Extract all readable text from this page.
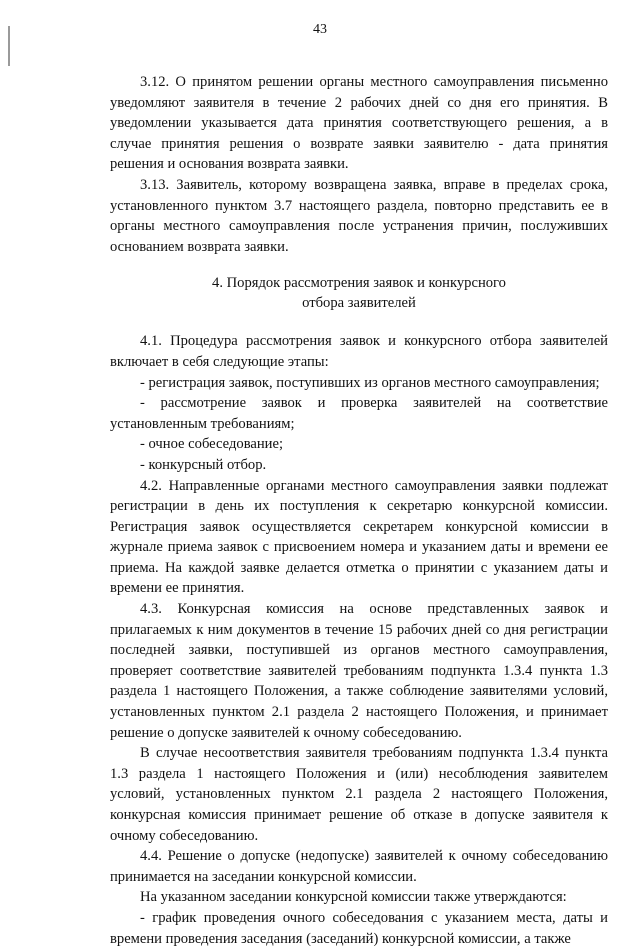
43

3.12. О принятом решении органы местного самоуправления письменно уведомляют заявителя в течение 2 рабочих дней со дня его принятия. В уведомлении указывается дата принятия соответствующего решения, а в случае принятия решения о возврате заявки заявителю - дата принятия решения и основания возврата заявки.

3.13. Заявитель, которому возвращена заявка, вправе в пределах срока, установленного пунктом 3.7 настоящего раздела, повторно представить ее в органы местного самоуправления после устранения причин, послуживших основанием возврата заявки.

4. Порядок рассмотрения заявок и конкурсного
отбора заявителей

4.1. Процедура рассмотрения заявок и конкурсного отбора заявителей включает в себя следующие этапы:

- регистрация заявок, поступивших из органов местного самоуправления;

- рассмотрение заявок и проверка заявителей на соответствие установленным требованиям;

- очное собеседование;

- конкурсный отбор.

4.2. Направленные органами местного самоуправления заявки подлежат регистрации в день их поступления к секретарю конкурсной комиссии. Регистрация заявок осуществляется секретарем конкурсной комиссии в журнале приема заявок с присвоением номера и указанием даты и времени ее приема. На каждой заявке делается отметка о принятии с указанием даты и времени ее принятия.

4.3. Конкурсная комиссия на основе представленных заявок и прилагаемых к ним документов в течение 15 рабочих дней со дня регистрации последней заявки, поступившей из органов местного самоуправления, проверяет соответствие заявителей требованиям подпункта 1.3.4 пункта 1.3 раздела 1 настоящего Положения, а также соблюдение заявителями условий, установленных пунктом 2.1 раздела 2 настоящего Положения, и принимает решение о допуске заявителей к очному собеседованию.

В случае несоответствия заявителя требованиям подпункта 1.3.4 пункта 1.3 раздела 1 настоящего Положения и (или) несоблюдения заявителем условий, установленных пунктом 2.1 раздела 2 настоящего Положения, конкурсная комиссия принимает решение об отказе в допуске заявителя к очному собеседованию.

4.4. Решение о допуске (недопуске) заявителей к очному собеседованию принимается на заседании конкурсной комиссии.

На указанном заседании конкурсной комиссии также утверждаются:

- график проведения очного собеседования с указанием места, даты и времени проведения заседания (заседаний) конкурсной комиссии, а также
